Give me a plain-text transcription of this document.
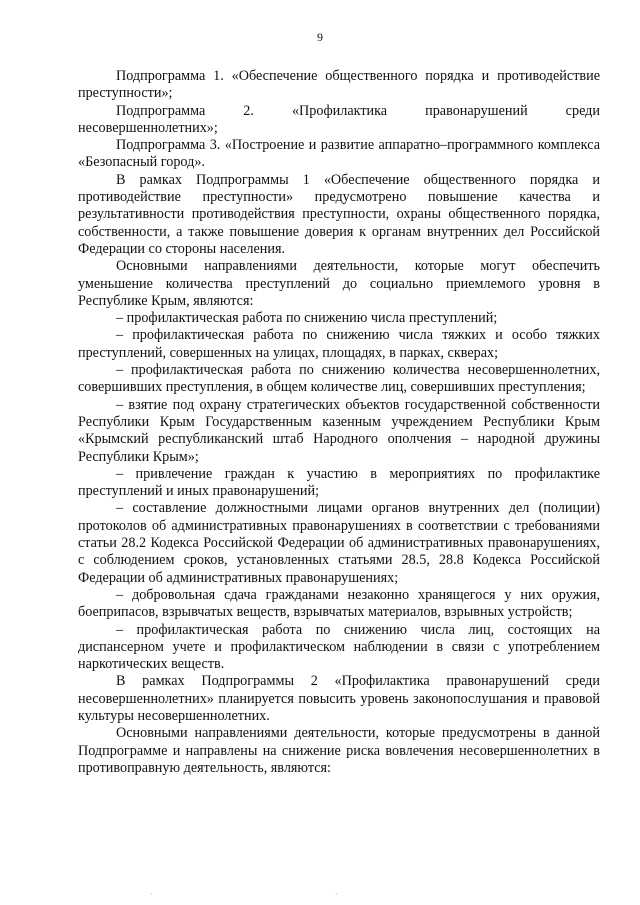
9

Подпрограмма 1. «Обеспечение общественного порядка и противодействие преступности»;

Подпрограмма 2. «Профилактика правонарушений среди несовершеннолетних»;

Подпрограмма 3. «Построение и развитие аппаратно–программного комплекса «Безопасный город».

В рамках Подпрограммы 1 «Обеспечение общественного порядка и противодействие преступности» предусмотрено повышение качества и результативности противодействия преступности, охраны общественного порядка, собственности, а также повышение доверия к органам внутренних дел Российской Федерации со стороны населения.

Основными направлениями деятельности, которые могут обеспечить уменьшение количества преступлений до социально приемлемого уровня в Республике Крым, являются:

– профилактическая работа по снижению числа преступлений;

– профилактическая работа по снижению числа тяжких и особо тяжких преступлений, совершенных на улицах, площадях, в парках, скверах;

– профилактическая работа по снижению количества несовершеннолетних, совершивших преступления, в общем количестве лиц, совершивших преступления;

– взятие под охрану стратегических объектов государственной собственности Республики Крым Государственным казенным учреждением Республики Крым «Крымский республиканский штаб Народного ополчения – народной дружины Республики Крым»;

– привлечение граждан к участию в мероприятиях по профилактике преступлений и иных правонарушений;

– составление должностными лицами органов внутренних дел (полиции) протоколов об административных правонарушениях в соответствии с требованиями статьи 28.2 Кодекса Российской Федерации об административных правонарушениях, с соблюдением сроков, установленных статьями 28.5, 28.8 Кодекса Российской Федерации об административных правонарушениях;

– добровольная сдача гражданами незаконно хранящегося у них оружия, боеприпасов, взрывчатых веществ, взрывчатых материалов, взрывных устройств;

– профилактическая работа по снижению числа лиц, состоящих на диспансерном учете и профилактическом наблюдении в связи с употреблением наркотических веществ.

В рамках Подпрограммы 2 «Профилактика правонарушений среди несовершеннолетних» планируется повысить уровень законопослушания и правовой культуры несовершеннолетних.

Основными направлениями деятельности, которые предусмотрены в данной Подпрограмме и направлены на снижение риска вовлечения несовершеннолетних в противоправную деятельность, являются:

·	·
